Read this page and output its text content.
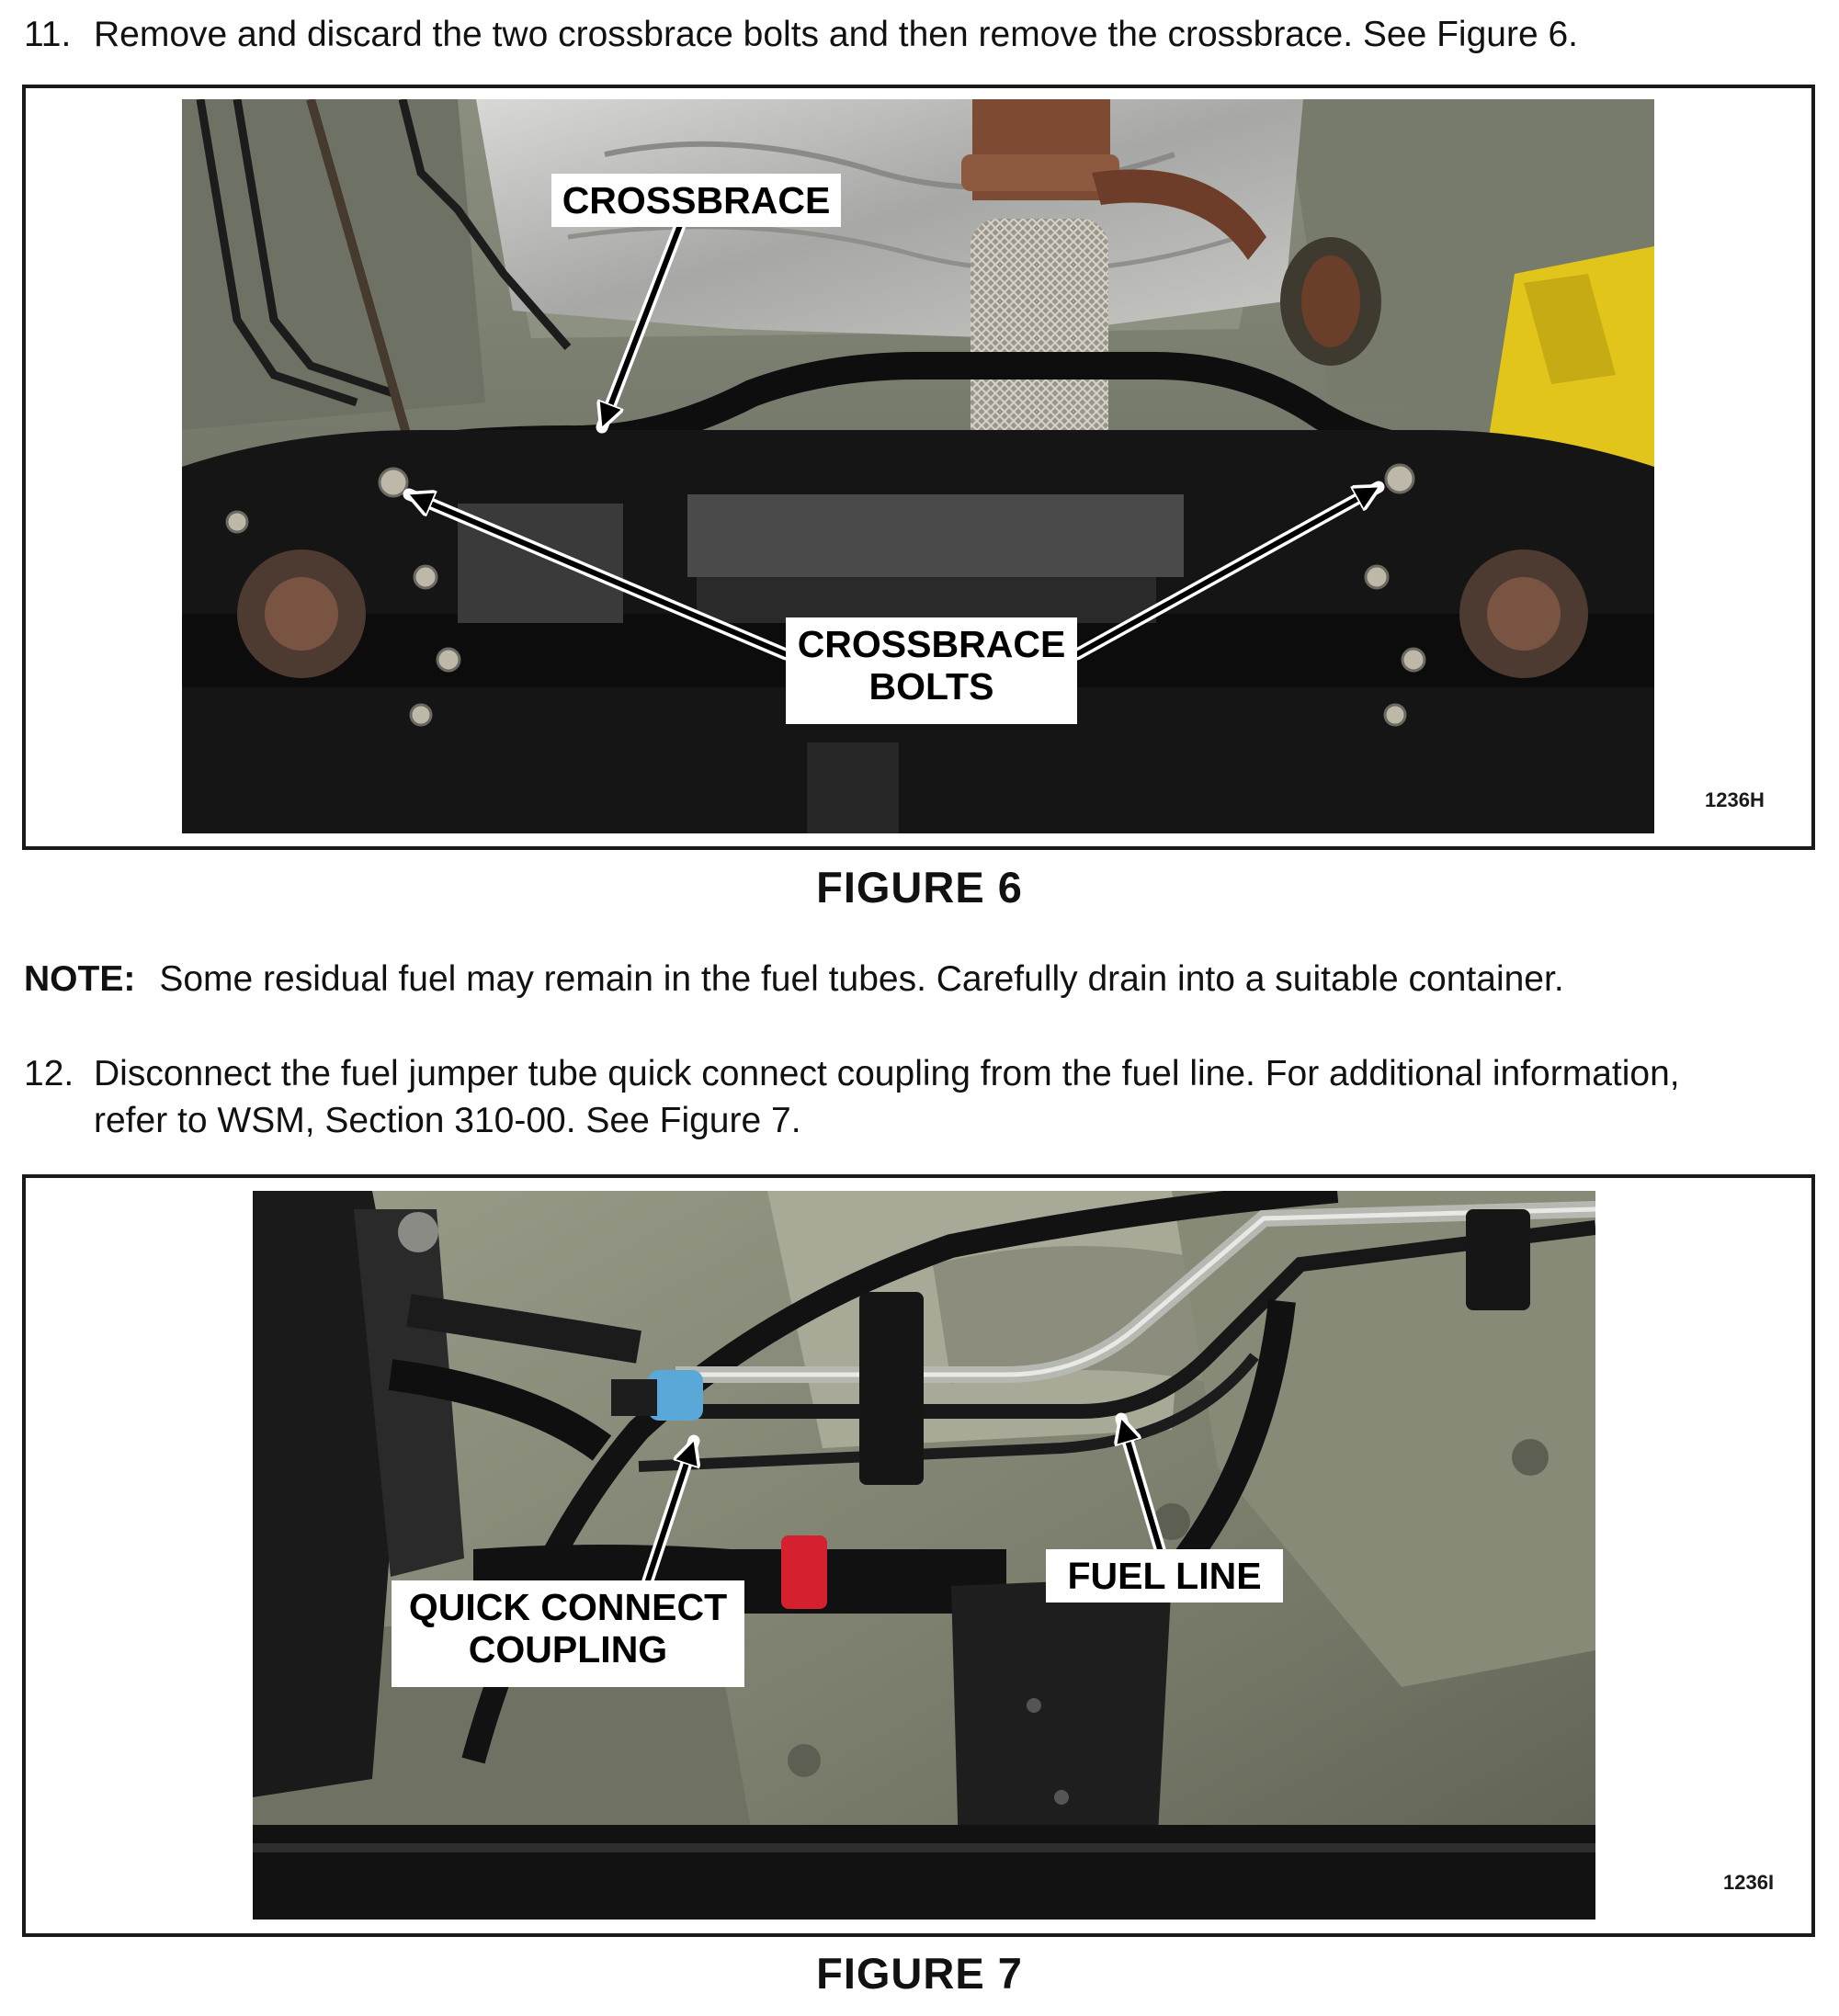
11. Remove and discard the two crossbrace bolts and then remove the crossbrace. See Figure 6.
1236H
CROSSBRACE
CROSSBRACE
BOLTS
FIGURE 6
NOTE: Some residual fuel may remain in the fuel tubes. Carefully drain into a suitable container.
12. Disconnect the fuel jumper tube quick connect coupling from the fuel line. For additional information,
refer to WSM, Section 310-00. See Figure 7.
1236I
QUICK CONNECT
COUPLING
FUEL LINE
FIGURE 7
